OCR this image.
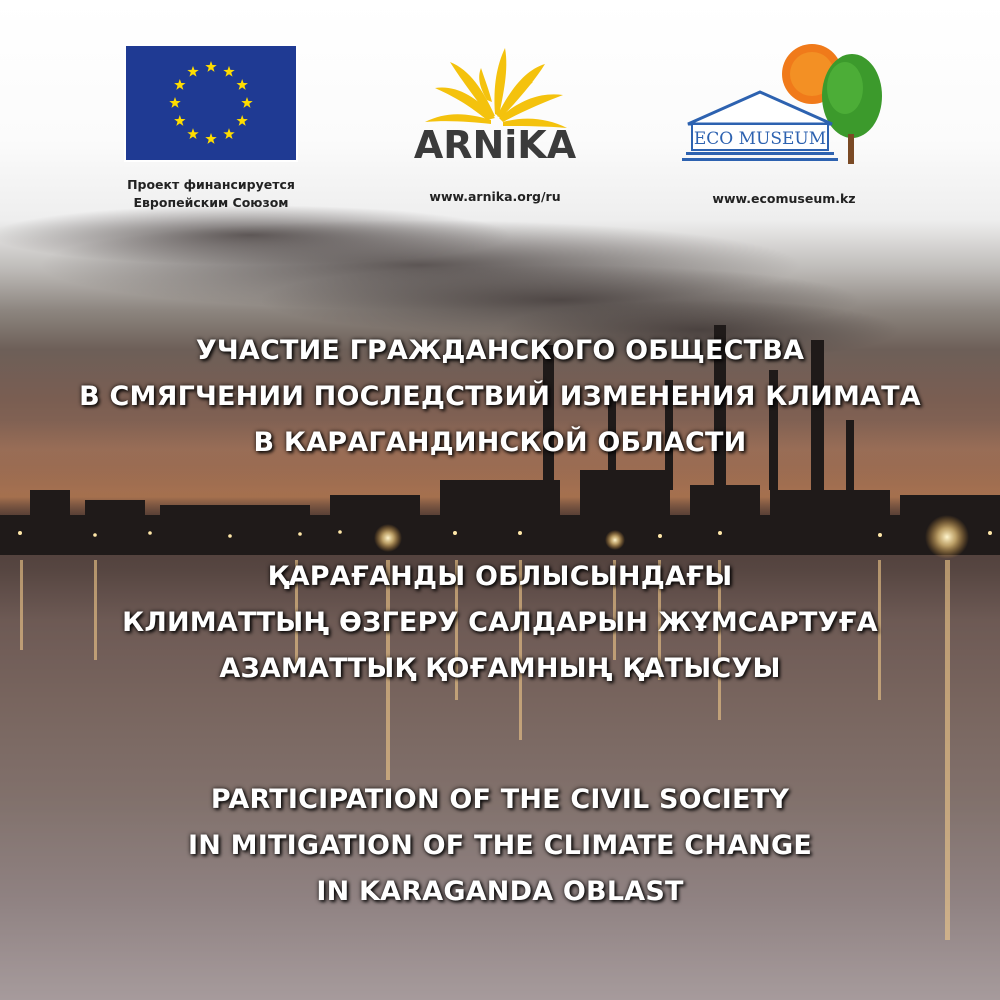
Проект финансируется
Европейским Союзом
ARNiKA
www.arnika.org/ru
ECO MUSEUM
www.ecomuseum.kz
УЧАСТИЕ ГРАЖДАНСКОГО ОБЩЕСТВА
В СМЯГЧЕНИИ ПОСЛЕДСТВИЙ ИЗМЕНЕНИЯ КЛИМАТА
В КАРАГАНДИНСКОЙ ОБЛАСТИ
ҚАРАҒАНДЫ ОБЛЫСЫНДАҒЫ
КЛИМАТТЫҢ ӨЗГЕРУ САЛДАРЫН ЖҰМСАРТУҒА
АЗАМАТТЫҚ ҚОҒАМНЫҢ ҚАТЫСУЫ
PARTICIPATION OF THE CIVIL SOCIETY
IN MITIGATION OF THE CLIMATE CHANGE
IN KARAGANDA OBLAST
